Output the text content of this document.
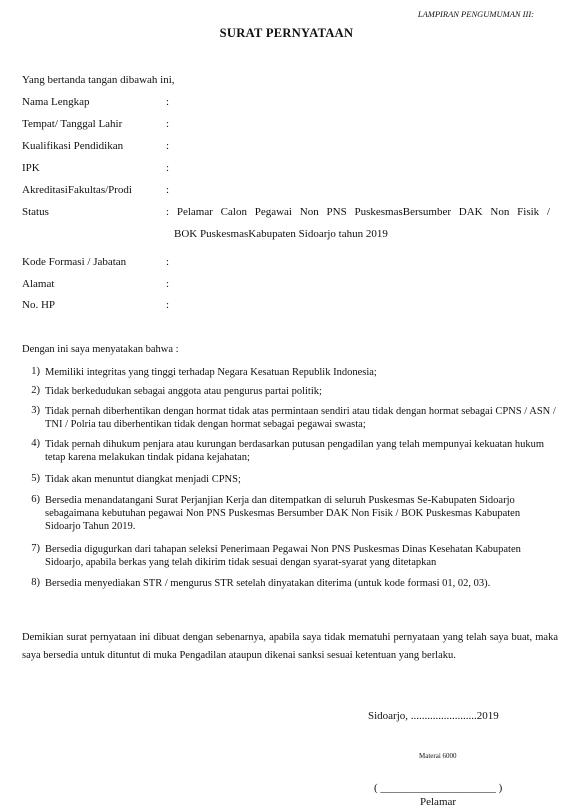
LAMPIRAN PENGUMUMAN III:
SURAT PERNYATAAN
Yang bertanda tangan dibawah ini,
Nama Lengkap	:
Tempat/ Tanggal Lahir	:
Kualifikasi Pendidikan	:
IPK	:
AkreditasiFakultas/Prodi	:
Status	: Pelamar Calon Pegawai Non PNS PuskesmasBersumber DAK Non Fisik /
BOK PuskesmasKabupaten Sidoarjo tahun 2019
Kode Formasi / Jabatan	:
Alamat	:
No. HP	:
Dengan ini saya menyatakan bahwa :
1) Memiliki integritas yang tinggi terhadap Negara Kesatuan Republik Indonesia;
2) Tidak berkedudukan sebagai anggota atau pengurus partai politik;
3) Tidak pernah diberhentikan dengan hormat tidak atas permintaan sendiri atau tidak dengan hormat sebagai CPNS / ASN / TNI / Polria tau diberhentikan tidak dengan hormat sebagai pegawai swasta;
4) Tidak pernah dihukum penjara atau kurungan berdasarkan putusan pengadilan yang telah mempunyai kekuatan hukum tetap karena melakukan tindak pidana kejahatan;
5) Tidak akan menuntut diangkat menjadi CPNS;
6) Bersedia menandatangani Surat Perjanjian Kerja dan ditempatkan di seluruh Puskesmas Se-Kabupaten Sidoarjo sebagaimana kebutuhan pegawai Non PNS Puskesmas Bersumber DAK Non Fisik / BOK Puskesmas Kabupaten Sidoarjo Tahun 2019.
7) Bersedia digugurkan dari tahapan seleksi Penerimaan Pegawai Non PNS Puskesmas Dinas Kesehatan Kabupaten Sidoarjo, apabila berkas yang telah dikirim tidak sesuai dengan syarat-syarat yang ditetapkan
8) Bersedia menyediakan STR / mengurus STR setelah dinyatakan diterima (untuk kode formasi 01, 02, 03).
Demikian surat pernyataan ini dibuat dengan sebenarnya, apabila saya tidak mematuhi pernyataan yang telah saya buat, maka saya bersedia untuk dituntut di muka Pengadilan ataupun dikenai sanksi sesuai ketentuan yang berlaku.
Sidoarjo, ........................2019
Materai 6000
( _____________________ )
Pelamar
